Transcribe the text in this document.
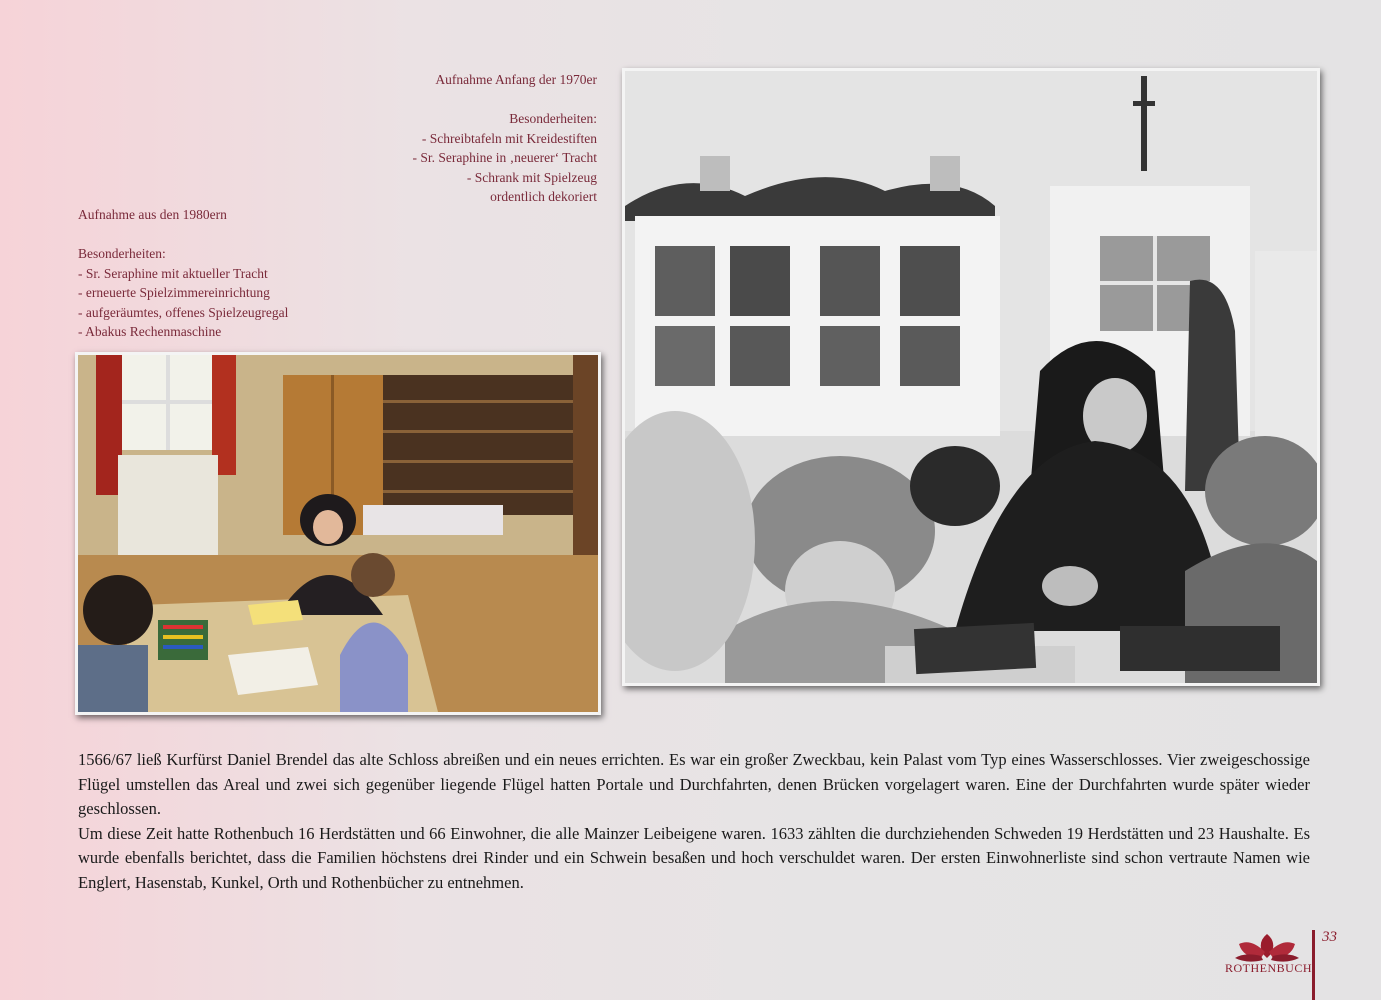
Aufnahme Anfang der 1970er
Besonderheiten:
- Schreibtafeln mit Kreidestiften
- Sr. Seraphine in ‚neuerer‘ Tracht
- Schrank mit Spielzeug
ordentlich dekoriert
Aufnahme aus den 1980ern
Besonderheiten:
- Sr. Seraphine mit aktueller Tracht
- erneuerte Spielzimmereinrichtung
- aufgeräumtes, offenes Spielzeugregal
- Abakus Rechenmaschine

1566/67 ließ Kurfürst Daniel Brendel das alte Schloss abreißen und ein neues errichten. Es war ein großer Zweckbau, kein Palast vom Typ eines Wasserschlosses. Vier zweigeschossige Flügel umstellen das Areal und zwei sich gegenüber liegende Flügel hatten Portale und Durchfahrten, denen Brücken vorgelagert waren. Eine der Durchfahrten wurde später wieder geschlossen.

Um diese Zeit hatte Rothenbuch 16 Herdstätten und 66 Einwohner, die alle Mainzer Leibeigene waren. 1633 zählten die durchziehenden Schweden 19 Herdstätten und 23 Haushalte. Es wurde ebenfalls berichtet, dass die Familien höchstens drei Rinder und ein Schwein besaßen und hoch verschuldet waren. Der ersten Einwohnerliste sind schon vertraute Namen wie Englert, Hasenstab, Kunkel, Orth und Rothenbücher zu entnehmen.

ROTHENBUCH
33
